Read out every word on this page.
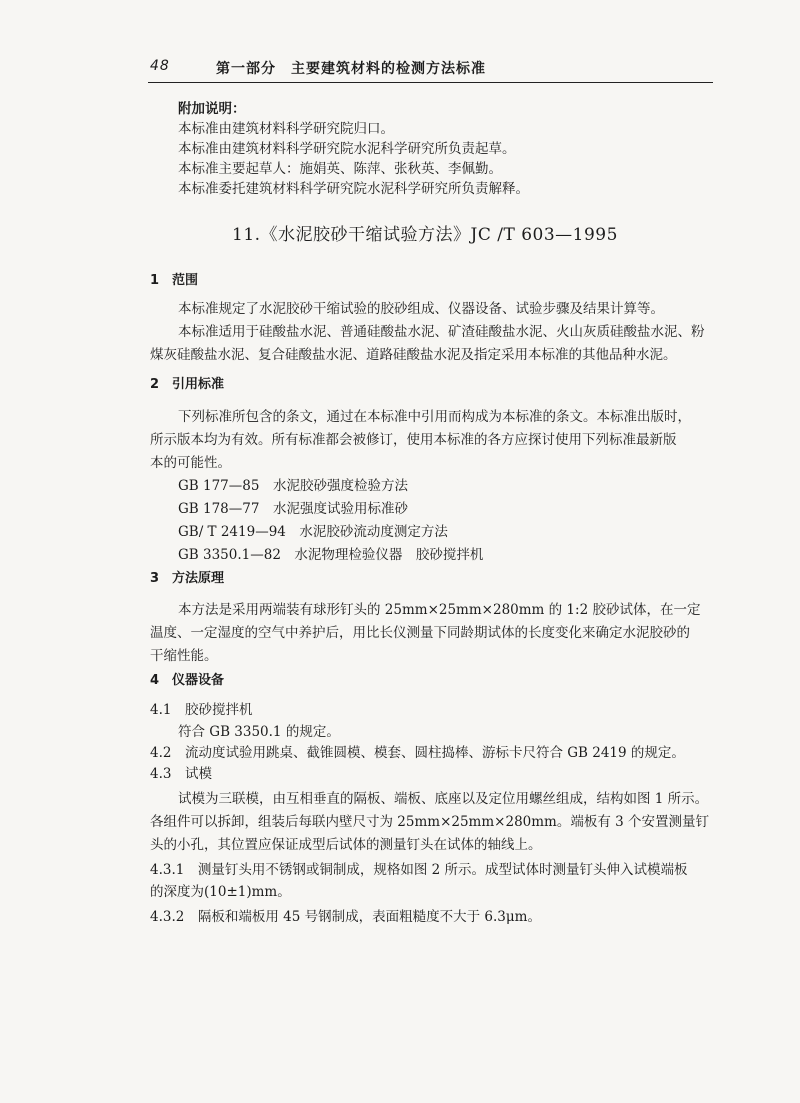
48	第一部分　主要建筑材料的检测方法标准
附加说明：
本标准由建筑材料科学研究院归口。
本标准由建筑材料科学研究院水泥科学研究所负责起草。
本标准主要起草人：施娟英、陈萍、张秋英、李佩勤。
本标准委托建筑材料科学研究院水泥科学研究所负责解释。
11.《水泥胶砂干缩试验方法》JC /T 603—1995
1　范围
本标准规定了水泥胶砂干缩试验的胶砂组成、仪器设备、试验步骤及结果计算等。
本标准适用于硅酸盐水泥、普通硅酸盐水泥、矿渣硅酸盐水泥、火山灰质硅酸盐水泥、粉
煤灰硅酸盐水泥、复合硅酸盐水泥、道路硅酸盐水泥及指定采用本标准的其他品种水泥。
2　引用标准
下列标准所包含的条文，通过在本标准中引用而构成为本标准的条文。本标准出版时，
所示版本均为有效。所有标准都会被修订，使用本标准的各方应探讨使用下列标准最新版
本的可能性。
GB 177—85　水泥胶砂强度检验方法
GB 178—77　水泥强度试验用标准砂
GB/ T 2419—94　水泥胶砂流动度测定方法
GB 3350.1—82　水泥物理检验仪器　胶砂搅拌机
3　方法原理
本方法是采用两端装有球形钉头的 25mm×25mm×280mm 的 1:2 胶砂试体，在一定
温度、一定湿度的空气中养护后，用比长仪测量下同龄期试体的长度变化来确定水泥胶砂的
干缩性能。
4　仪器设备
4.1　胶砂搅拌机
符合 GB 3350.1 的规定。
4.2　流动度试验用跳桌、截锥圆模、模套、圆柱捣棒、游标卡尺符合 GB 2419 的规定。
4.3　试模
试模为三联模，由互相垂直的隔板、端板、底座以及定位用螺丝组成，结构如图 1 所示。
各组件可以拆卸，组装后每联内壁尺寸为 25mm×25mm×280mm。端板有 3 个安置测量钉
头的小孔，其位置应保证成型后试体的测量钉头在试体的轴线上。
4.3.1　测量钉头用不锈钢或铜制成，规格如图 2 所示。成型试体时测量钉头伸入试模端板
的深度为(10±1)mm。
4.3.2　隔板和端板用 45 号钢制成，表面粗糙度不大于 6.3μm。
